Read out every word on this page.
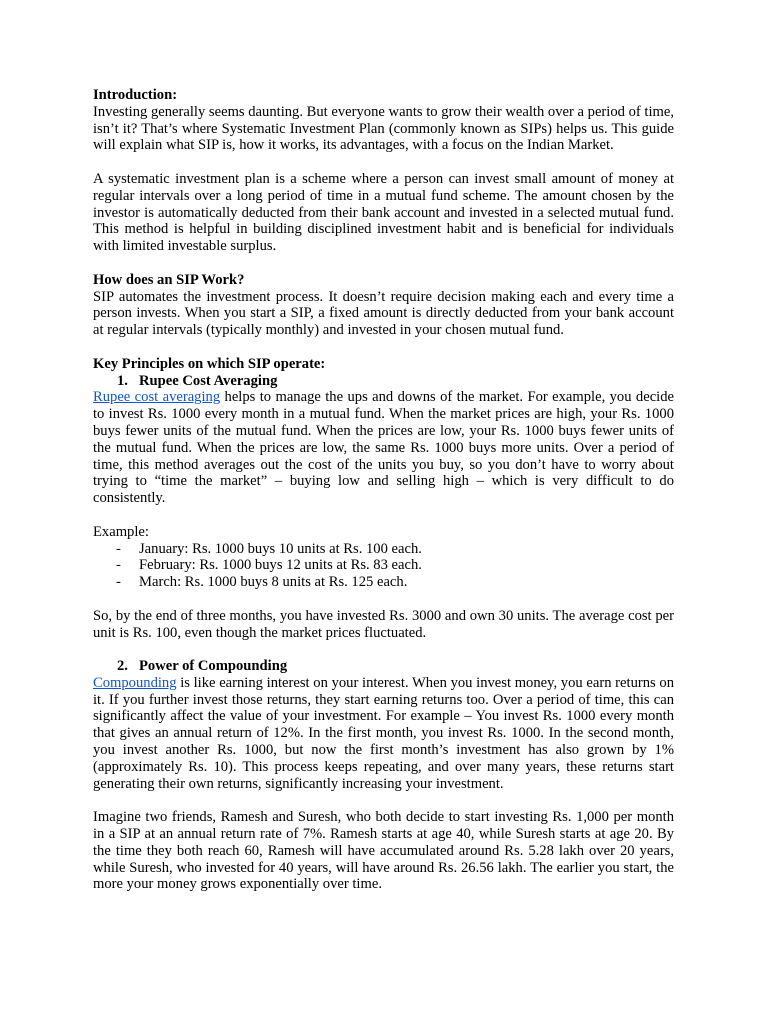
Introduction:

Investing generally seems daunting. But everyone wants to grow their wealth over a period of time, isn’t it? That’s where Systematic Investment Plan (commonly known as SIPs) helps us. This guide will explain what SIP is, how it works, its advantages, with a focus on the Indian Market.

A systematic investment plan is a scheme where a person can invest small amount of money at regular intervals over a long period of time in a mutual fund scheme. The amount chosen by the investor is automatically deducted from their bank account and invested in a selected mutual fund. This method is helpful in building disciplined investment habit and is beneficial for individuals with limited investable surplus.

How does an SIP Work?

SIP automates the investment process. It doesn’t require decision making each and every time a person invests. When you start a SIP, a fixed amount is directly deducted from your bank account at regular intervals (typically monthly) and invested in your chosen mutual fund.

Key Principles on which SIP operate:

1. Rupee Cost Averaging

Rupee cost averaging helps to manage the ups and downs of the market. For example, you decide to invest Rs. 1000 every month in a mutual fund. When the market prices are high, your Rs. 1000 buys fewer units of the mutual fund. When the prices are low, your Rs. 1000 buys fewer units of the mutual fund. When the prices are low, the same Rs. 1000 buys more units. Over a period of time, this method averages out the cost of the units you buy, so you don’t have to worry about trying to “time the market” – buying low and selling high – which is very difficult to do consistently.

Example:

- January: Rs. 1000 buys 10 units at Rs. 100 each.
- February: Rs. 1000 buys 12 units at Rs. 83 each.
- March: Rs. 1000 buys 8 units at Rs. 125 each.

So, by the end of three months, you have invested Rs. 3000 and own 30 units. The average cost per unit is Rs. 100, even though the market prices fluctuated.

2. Power of Compounding

Compounding is like earning interest on your interest. When you invest money, you earn returns on it. If you further invest those returns, they start earning returns too. Over a period of time, this can significantly affect the value of your investment. For example – You invest Rs. 1000 every month that gives an annual return of 12%. In the first month, you invest Rs. 1000. In the second month, you invest another Rs. 1000, but now the first month’s investment has also grown by 1% (approximately Rs. 10). This process keeps repeating, and over many years, these returns start generating their own returns, significantly increasing your investment.

Imagine two friends, Ramesh and Suresh, who both decide to start investing Rs. 1,000 per month in a SIP at an annual return rate of 7%. Ramesh starts at age 40, while Suresh starts at age 20. By the time they both reach 60, Ramesh will have accumulated around Rs. 5.28 lakh over 20 years, while Suresh, who invested for 40 years, will have around Rs. 26.56 lakh. The earlier you start, the more your money grows exponentially over time.
